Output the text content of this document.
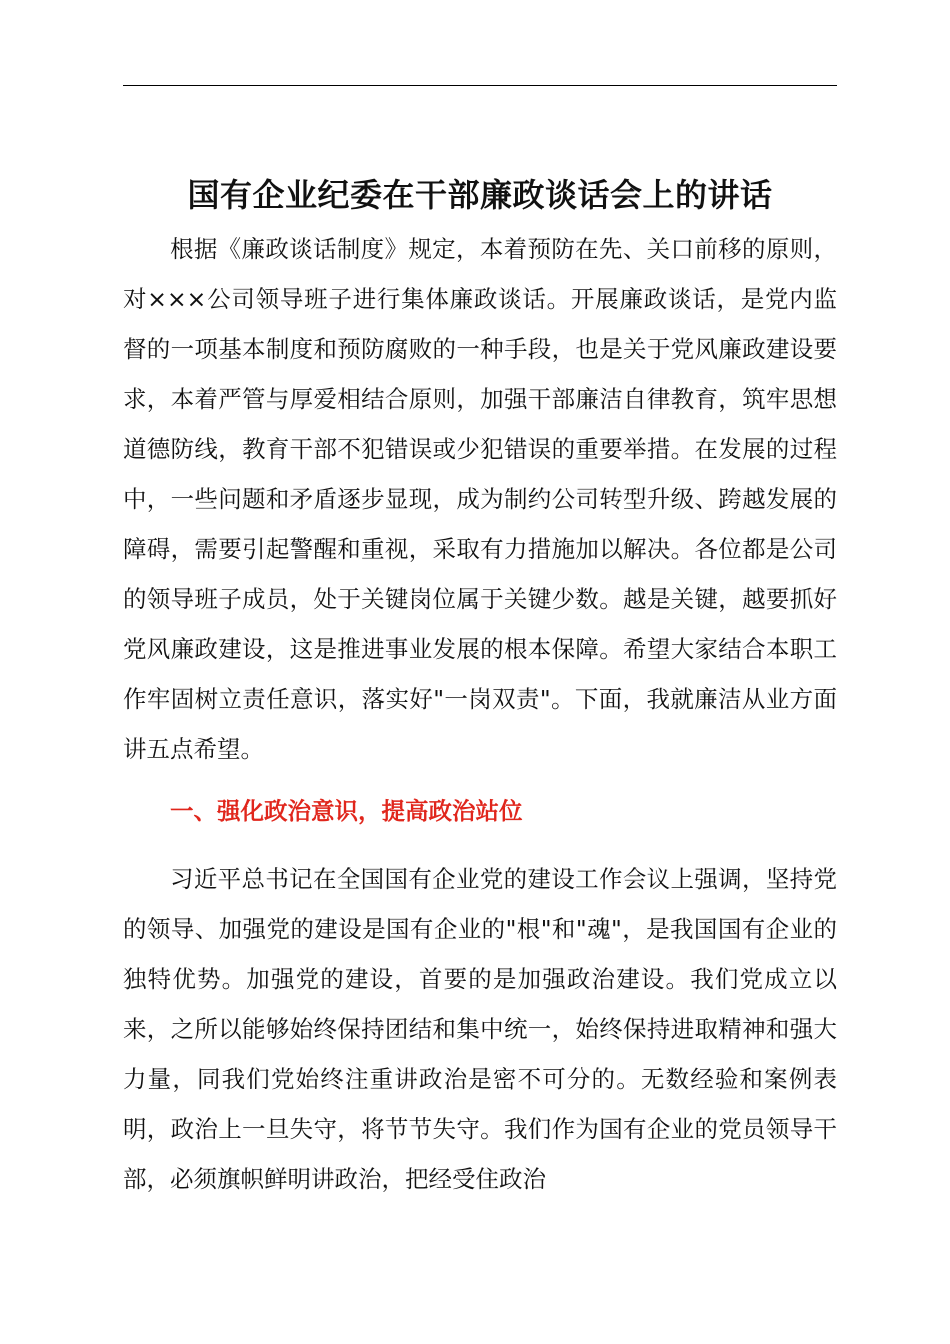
国有企业纪委在干部廉政谈话会上的讲话

根据《廉政谈话制度》规定，本着预防在先、关口前移的原则，对×××公司领导班子进行集体廉政谈话。开展廉政谈话，是党内监督的一项基本制度和预防腐败的一种手段，也是关于党风廉政建设要求，本着严管与厚爱相结合原则，加强干部廉洁自律教育，筑牢思想道德防线，教育干部不犯错误或少犯错误的重要举措。在发展的过程中，一些问题和矛盾逐步显现，成为制约公司转型升级、跨越发展的障碍，需要引起警醒和重视，采取有力措施加以解决。各位都是公司的领导班子成员，处于关键岗位属于关键少数。越是关键，越要抓好党风廉政建设，这是推进事业发展的根本保障。希望大家结合本职工作牢固树立责任意识，落实好"一岗双责"。下面，我就廉洁从业方面讲五点希望。

一、强化政治意识，提高政治站位

习近平总书记在全国国有企业党的建设工作会议上强调，坚持党的领导、加强党的建设是国有企业的"根"和"魂"，是我国国有企业的独特优势。加强党的建设，首要的是加强政治建设。我们党成立以来，之所以能够始终保持团结和集中统一，始终保持进取精神和强大力量，同我们党始终注重讲政治是密不可分的。无数经验和案例表明，政治上一旦失守，将节节失守。我们作为国有企业的党员领导干部，必须旗帜鲜明讲政治，把经受住政治
